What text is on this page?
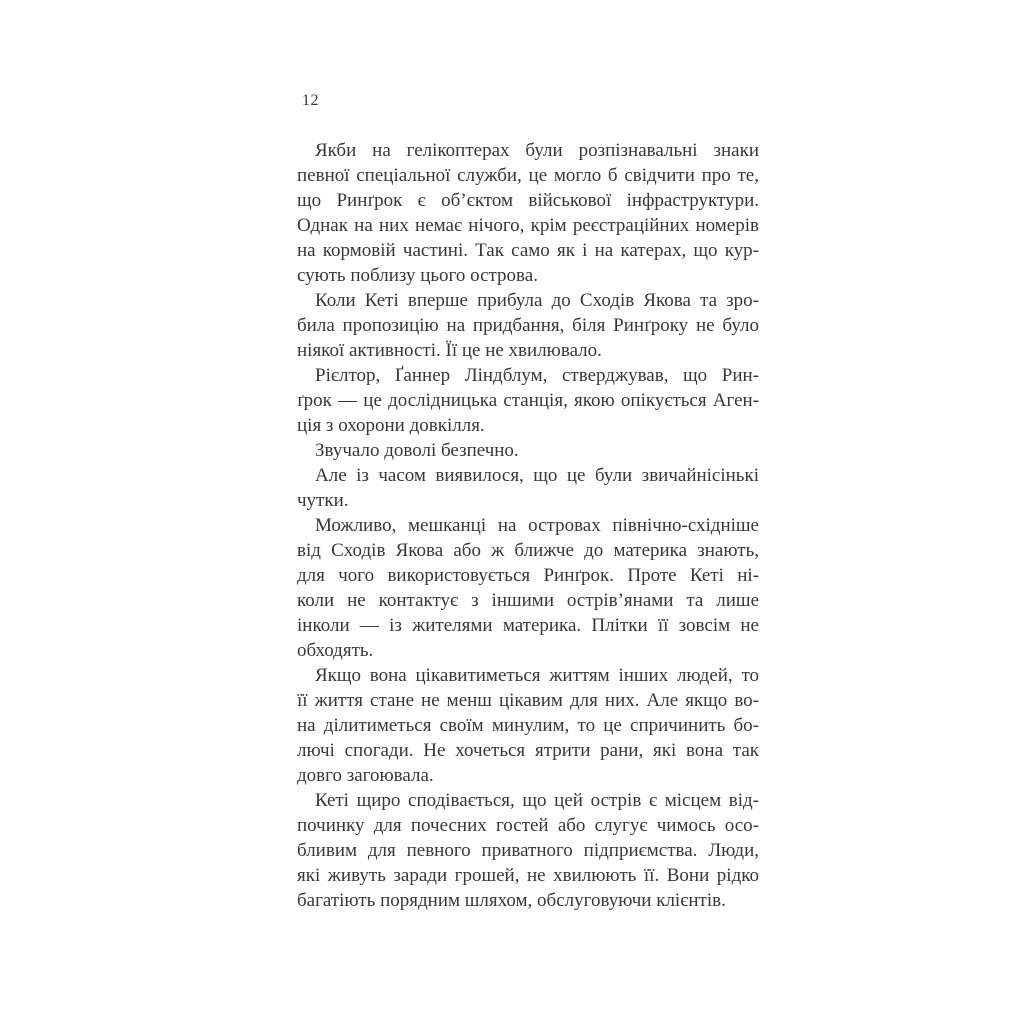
12

Якби на гелікоптерах були розпізнавальні знаки
певної спеціальної служби, це могло б свідчити про те,
що Ринґрок є об’єктом військової інфраструктури.
Однак на них немає нічого, крім реєстраційних номерів
на кормовій частині. Так само як і на катерах, що кур-
сують поблизу цього острова.

Коли Кеті вперше прибула до Сходів Якова та зро-
била пропозицію на придбання, біля Ринґроку не було
ніякої активності. Її це не хвилювало.

Рієлтор, Ґаннер Ліндблум, стверджував, що Рин-
ґрок — це дослідницька станція, якою опікується Аген-
ція з охорони довкілля.

Звучало доволі безпечно.

Але із часом виявилося, що це були звичайнісінькі
чутки.

Можливо, мешканці на островах північно-східніше
від Сходів Якова або ж ближче до материка знають,
для чого використовується Ринґрок. Проте Кеті ні-
коли не контактує з іншими острів’янами та лише
інколи — із жителями материка. Плітки її зовсім не
обходять.

Якщо вона цікавитиметься життям інших людей, то
її життя стане не менш цікавим для них. Але якщо во-
на ділитиметься своїм минулим, то це спричинить бо-
лючі спогади. Не хочеться ятрити рани, які вона так
довго загоювала.

Кеті щиро сподівається, що цей острів є місцем від-
починку для почесних гостей або слугує чимось осо-
бливим для певного приватного підприємства. Люди,
які живуть заради грошей, не хвилюють її. Вони рідко
багатіють порядним шляхом, обслуговуючи клієнтів.
